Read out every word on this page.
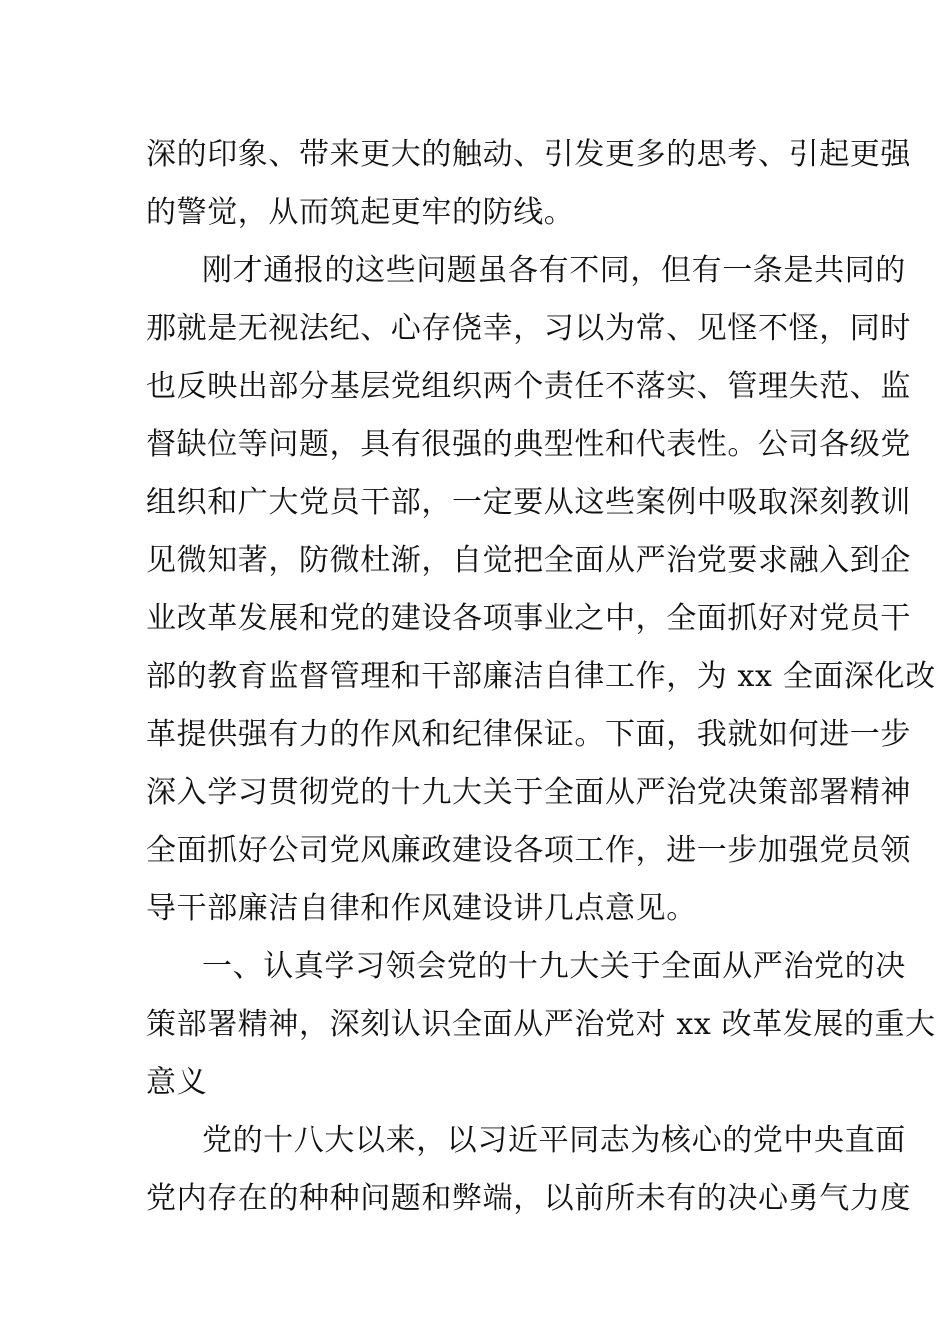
深的印象、带来更大的触动、引发更多的思考、引起更强
的警觉，从而筑起更牢的防线。
刚才通报的这些问题虽各有不同，但有一条是共同的
那就是无视法纪、心存侥幸，习以为常、见怪不怪，同时
也反映出部分基层党组织两个责任不落实、管理失范、监
督缺位等问题，具有很强的典型性和代表性。公司各级党
组织和广大党员干部，一定要从这些案例中吸取深刻教训
见微知著，防微杜渐，自觉把全面从严治党要求融入到企
业改革发展和党的建设各项事业之中，全面抓好对党员干
部的教育监督管理和干部廉洁自律工作，为 xx 全面深化改
革提供强有力的作风和纪律保证。下面，我就如何进一步
深入学习贯彻党的十九大关于全面从严治党决策部署精神
全面抓好公司党风廉政建设各项工作，进一步加强党员领
导干部廉洁自律和作风建设讲几点意见。
一、认真学习领会党的十九大关于全面从严治党的决
策部署精神，深刻认识全面从严治党对 xx 改革发展的重大
意义
党的十八大以来，以习近平同志为核心的党中央直面
党内存在的种种问题和弊端，以前所未有的决心勇气力度
